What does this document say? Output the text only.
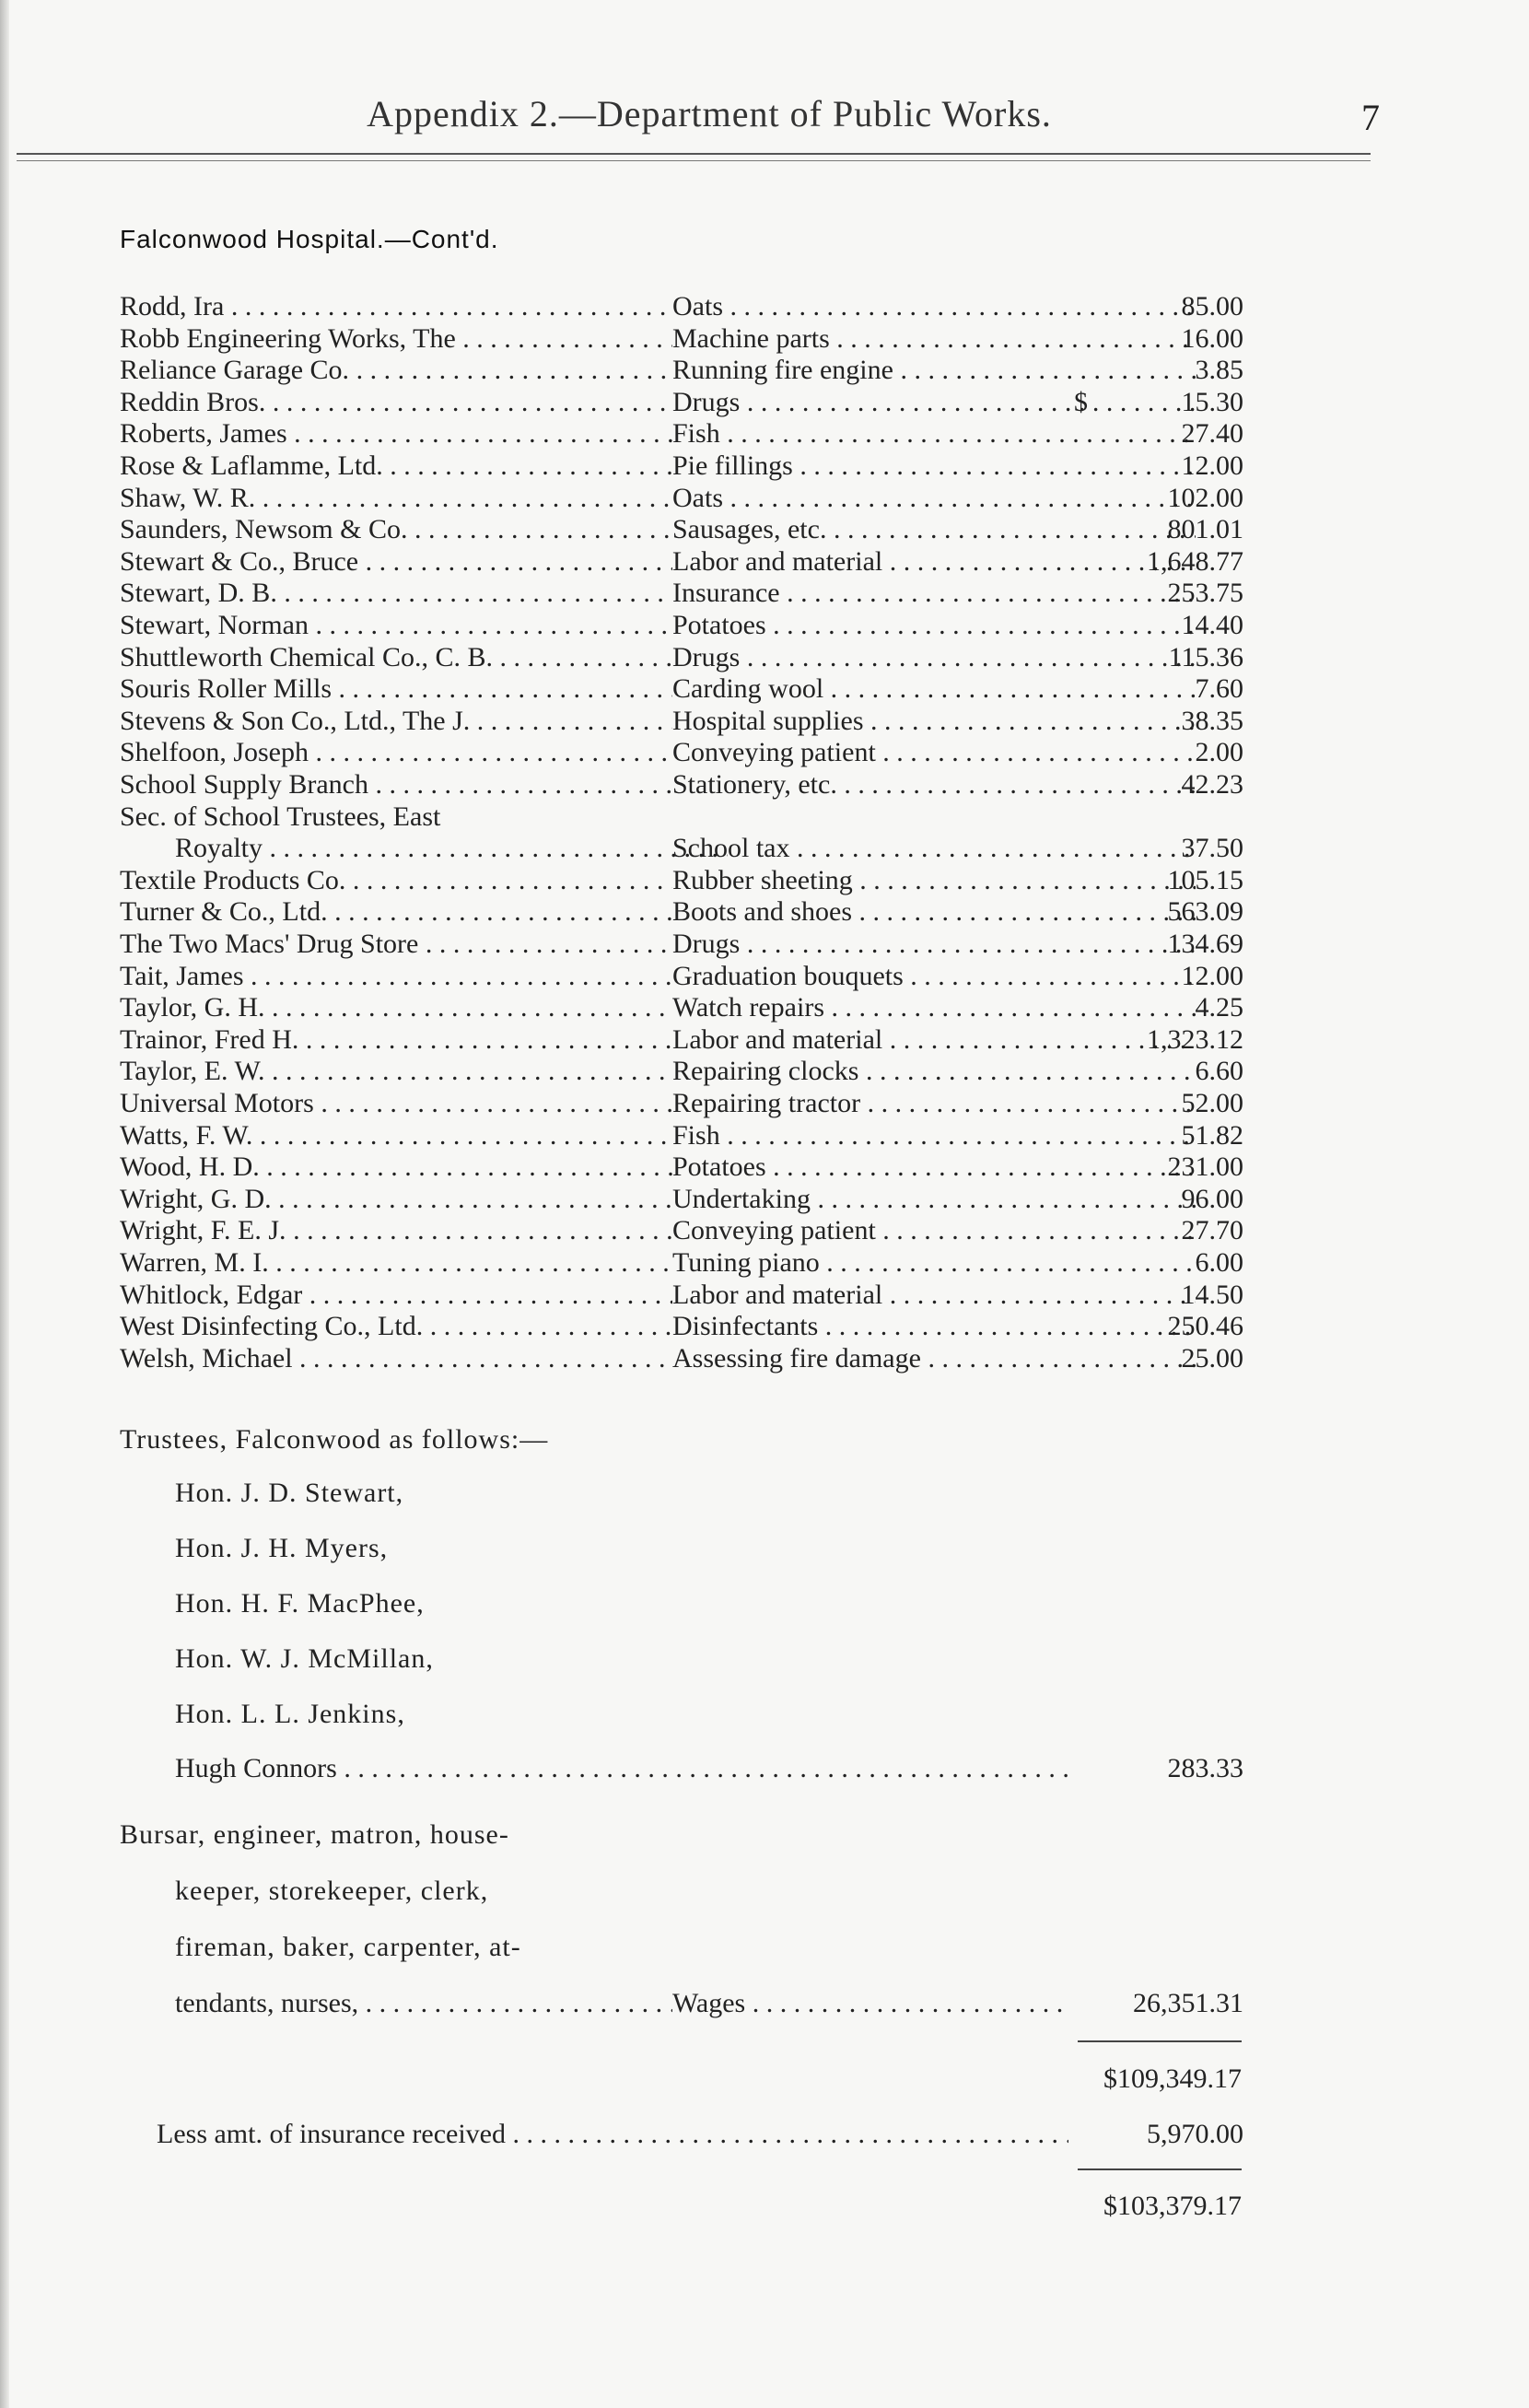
Appendix 2.—Department of Public Works.	7
Falconwood Hospital.—Cont'd.
Rodd, Ira . . .	Oats . . .	85.00
Robb Engineering Works, The . . .	Machine parts . . .	16.00
Reliance Garage Co. . . .	Running fire engine . . .	3.85
Reddin Bros. . . .	Drugs . . .	$	15.30
Roberts, James . . .	Fish . . .	27.40
Rose & Laflamme, Ltd. . . .	Pie fillings . . .	12.00
Shaw, W. R. . . .	Oats . . .	102.00
Saunders, Newsom & Co. . . .	Sausages, etc. . . .	801.01
Stewart & Co., Bruce . . .	Labor and material . . .	1,648.77
Stewart, D. B. . . .	Insurance . . .	253.75
Stewart, Norman . . .	Potatoes . . .	14.40
Shuttleworth Chemical Co., C. B. . . .	Drugs . . .	115.36
Souris Roller Mills . . .	Carding wool . . .	7.60
Stevens & Son Co., Ltd., The J. . . .	Hospital supplies . . .	38.35
Shelfoon, Joseph . . .	Conveying patient . . .	2.00
School Supply Branch . . .	Stationery, etc. . . .	42.23
Sec. of School Trustees, East
Royalty . . .	School tax . . .	37.50
Textile Products Co. . . .	Rubber sheeting . . .	105.15
Turner & Co., Ltd. . . .	Boots and shoes . . .	563.09
The Two Macs' Drug Store . . .	Drugs . . .	134.69
Tait, James . . .	Graduation bouquets . . .	12.00
Taylor, G. H. . . .	Watch repairs . . .	4.25
Trainor, Fred H. . . .	Labor and material . . .	1,323.12
Taylor, E. W. . . .	Repairing clocks . . .	6.60
Universal Motors . . .	Repairing tractor . . .	52.00
Watts, F. W. . . .	Fish . . .	51.82
Wood, H. D. . . .	Potatoes . . .	231.00
Wright, G. D. . . .	Undertaking . . .	96.00
Wright, F. E. J. . . .	Conveying patient . . .	27.70
Warren, M. I. . . .	Tuning piano . . .	6.00
Whitlock, Edgar . . .	Labor and material . . .	14.50
West Disinfecting Co., Ltd. . . .	Disinfectants . . .	250.46
Welsh, Michael . . .	Assessing fire damage . . .	25.00
Trustees, Falconwood as follows:—
Hon. J. D. Stewart,
Hon. J. H. Myers,
Hon. H. F. MacPhee,
Hon. W. J. McMillan,
Hon. L. L. Jenkins,
Hugh Connors . . .	283.33
Bursar, engineer, matron, house-
keeper, storekeeper, clerk,
fireman, baker, carpenter, at-
tendants, nurses, . . .	Wages . . .	26,351.31
$109,349.17
Less amt. of insurance received . . .	5,970.00
$103,379.17
